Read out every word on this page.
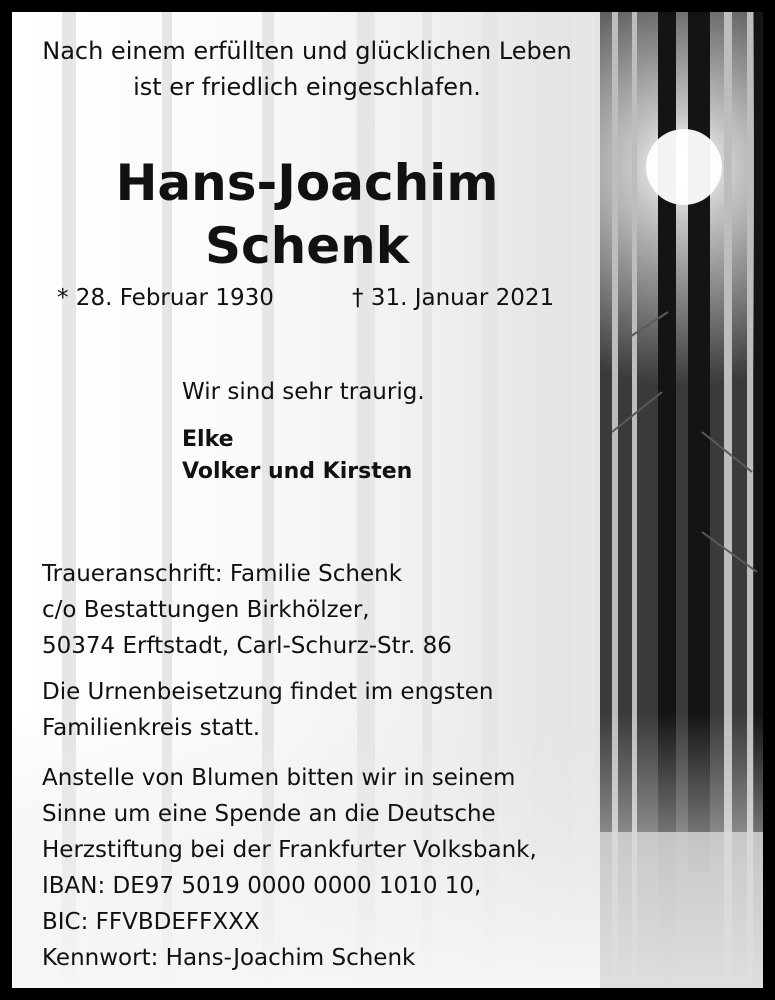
Nach einem erfüllten und glücklichen Leben

ist er friedlich eingeschlafen.

Hans-Joachim
Schenk
* 28. Februar 1930	† 31. Januar 2021
Wir sind sehr traurig.
Elke
Volker und Kirsten
Traueranschrift: Familie Schenk
c/o Bestattungen Birkhölzer,
50374 Erftstadt, Carl-Schurz-Str. 86
Die Urnenbeisetzung findet im engsten
Familienkreis statt.
Anstelle von Blumen bitten wir in seinem
Sinne um eine Spende an die Deutsche
Herzstiftung bei der Frankfurter Volksbank,
IBAN: DE97 5019 0000 0000 1010 10,
BIC: FFVBDEFFXXX
Kennwort: Hans-Joachim Schenk
